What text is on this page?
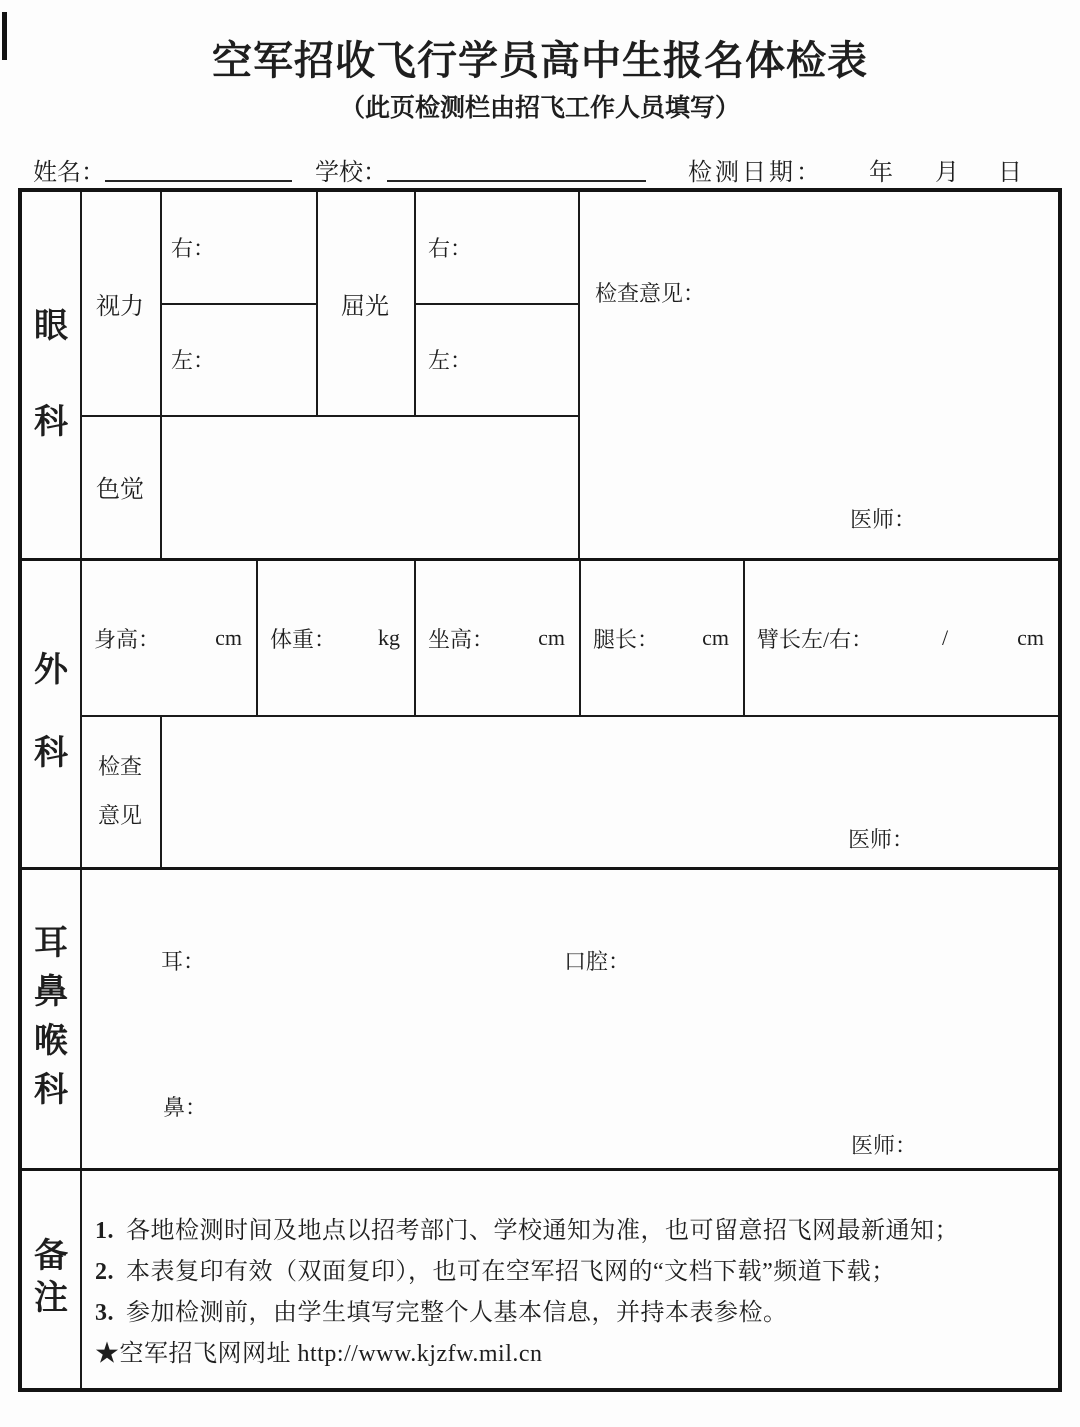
空军招收飞行学员高中生报名体检表
（此页检测栏由招飞工作人员填写）
姓名：	学校：	检测日期： 年 月 日
眼
科
视力
右：
左：
屈光
右：
左：
色觉
检查意见：
医师：
外
科
身高：	cm 体重： kg 坐高： cm 腿长： cm 臂长左/右：	/	cm
检查意见
医师：
耳
鼻
喉
科
耳：	口腔：
鼻：
医师：
备
注
1. 各地检测时间及地点以招考部门、学校通知为准，也可留意招飞网最新通知；
2. 本表复印有效（双面复印），也可在空军招飞网的“文档下载”频道下载；
3. 参加检测前，由学生填写完整个人基本信息，并持本表参检。
★空军招飞网网址 http://www.kjzfw.mil.cn
